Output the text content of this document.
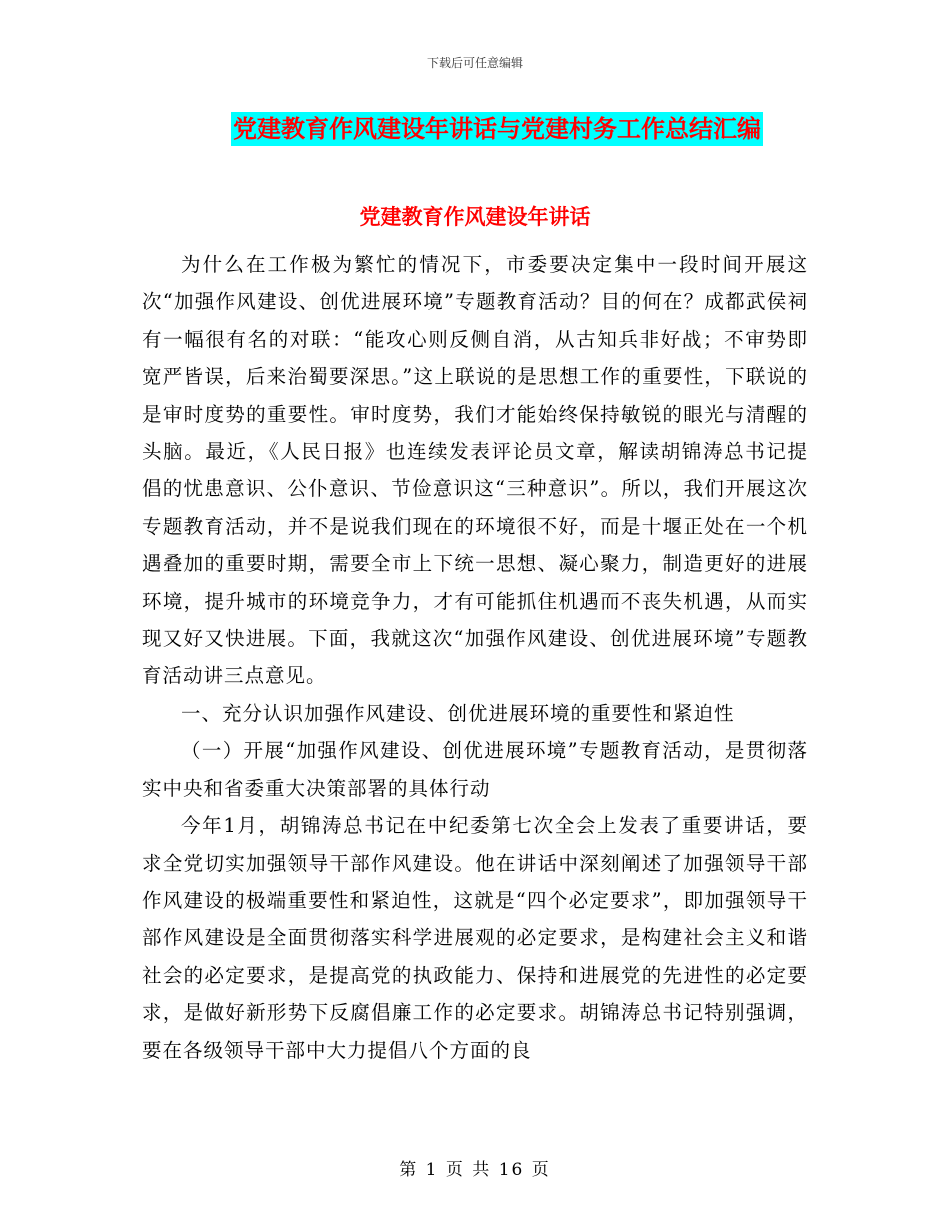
下载后可任意编辑
党建教育作风建设年讲话与党建村务工作总结汇编
党建教育作风建设年讲话

为什么在工作极为繁忙的情况下，市委要决定集中一段时间开展这次“加强作风建设、创优进展环境”专题教育活动？目的何在？成都武侯祠有一幅很有名的对联：“能攻心则反侧自消，从古知兵非好战；不审势即宽严皆误，后来治蜀要深思。”这上联说的是思想工作的重要性，下联说的是审时度势的重要性。审时度势，我们才能始终保持敏锐的眼光与清醒的头脑。最近，《人民日报》也连续发表评论员文章，解读胡锦涛总书记提倡的忧患意识、公仆意识、节俭意识这“三种意识”。所以，我们开展这次专题教育活动，并不是说我们现在的环境很不好，而是十堰正处在一个机遇叠加的重要时期，需要全市上下统一思想、凝心聚力，制造更好的进展环境，提升城市的环境竞争力，才有可能抓住机遇而不丧失机遇，从而实现又好又快进展。下面，我就这次“加强作风建设、创优进展环境”专题教育活动讲三点意见。

一、充分认识加强作风建设、创优进展环境的重要性和紧迫性

（一）开展“加强作风建设、创优进展环境”专题教育活动，是贯彻落实中央和省委重大决策部署的具体行动

今年1月，胡锦涛总书记在中纪委第七次全会上发表了重要讲话，要求全党切实加强领导干部作风建设。他在讲话中深刻阐述了加强领导干部作风建设的极端重要性和紧迫性，这就是“四个必定要求”，即加强领导干部作风建设是全面贯彻落实科学进展观的必定要求，是构建社会主义和谐社会的必定要求，是提高党的执政能力、保持和进展党的先进性的必定要求，是做好新形势下反腐倡廉工作的必定要求。胡锦涛总书记特别强调，要在各级领导干部中大力提倡八个方面的良

第 1 页 共 16 页
